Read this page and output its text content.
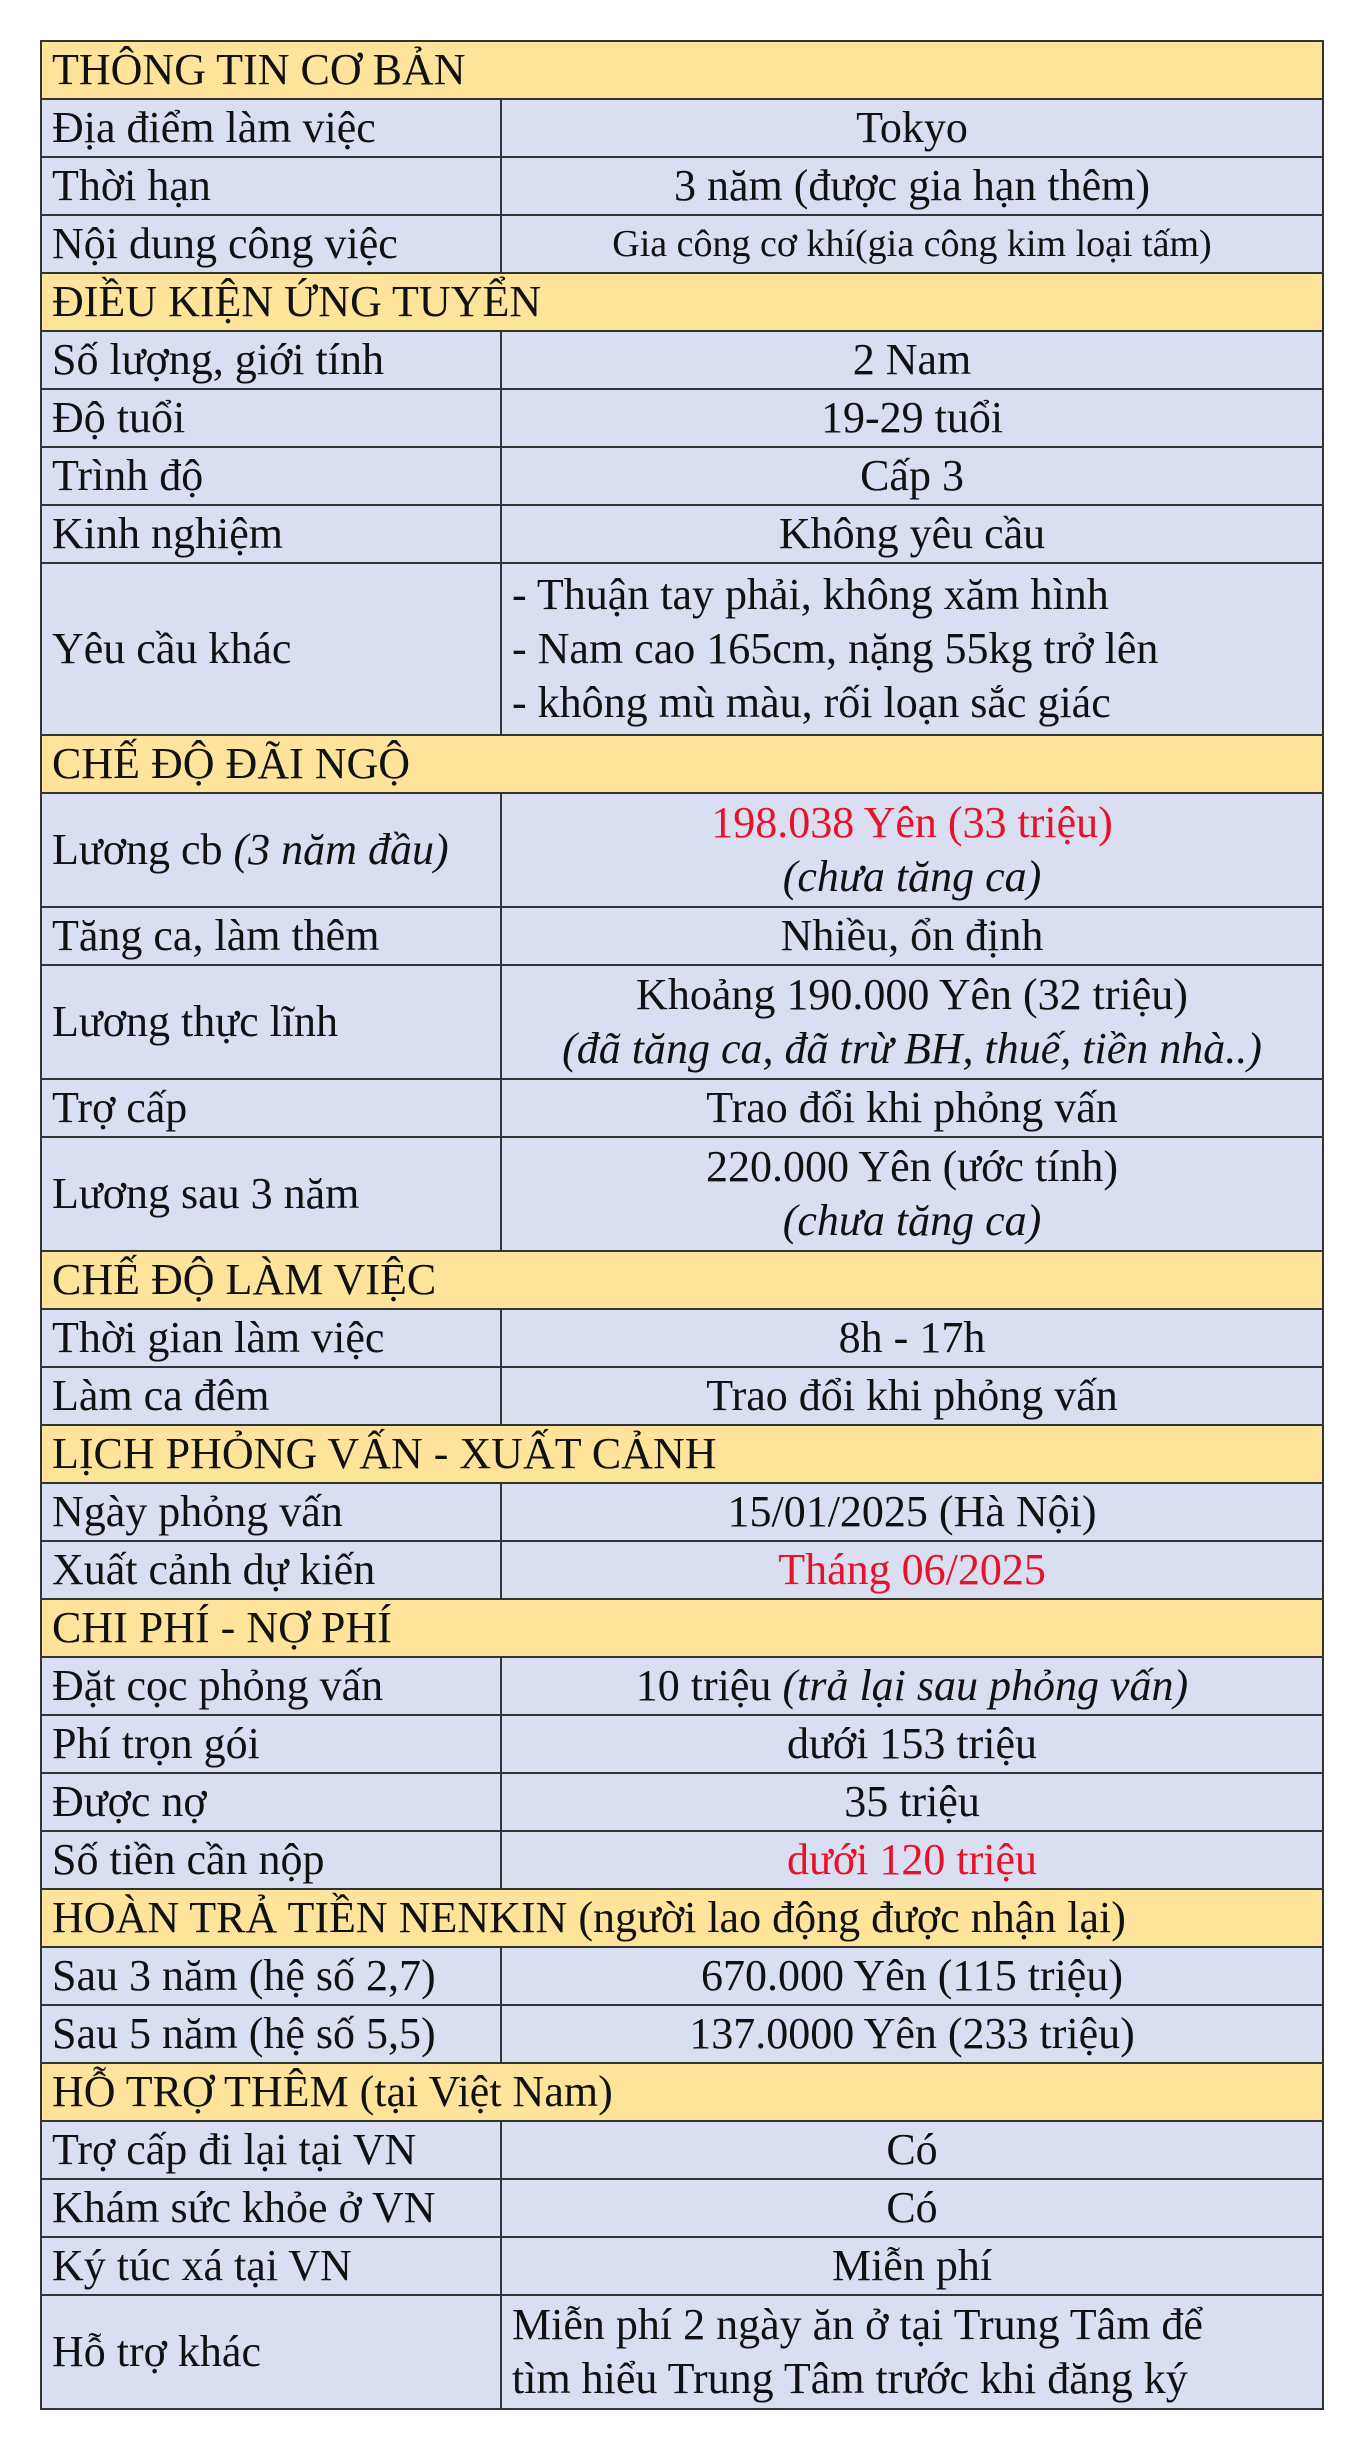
THÔNG TIN CƠ BẢN	
Địa điểm làm việc	Tokyo
Thời hạn	3 năm (được gia hạn thêm)
Nội dung công việc	Gia công cơ khí(gia công kim loại tấm)
ĐIỀU KIỆN ỨNG TUYỂN	
Số lượng, giới tính	2 Nam
Độ tuổi	19-29 tuổi
Trình độ	Cấp 3
Kinh nghiệm	Không yêu cầu
Yêu cầu khác	- Thuận tay phải, không xăm hình
- Nam cao 165cm, nặng 55kg trở lên
- không mù màu, rối loạn sắc giác

CHẾ ĐỘ ĐÃI NGỘ	
Lương cb (3 năm đầu)	198.038 Yên (33 triệu)
(chưa tăng ca)

Tăng ca, làm thêm	Nhiều, ổn định
Lương thực lĩnh	Khoảng 190.000 Yên (32 triệu)
(đã tăng ca, đã trừ BH, thuế, tiền nhà..)

Trợ cấp	Trao đổi khi phỏng vấn
Lương sau 3 năm	220.000 Yên (ước tính)
(chưa tăng ca)

CHẾ ĐỘ LÀM VIỆC	
Thời gian làm việc	8h - 17h
Làm ca đêm	Trao đổi khi phỏng vấn
LỊCH PHỎNG VẤN - XUẤT CẢNH	
Ngày phỏng vấn	15/01/2025 (Hà Nội)
Xuất cảnh dự kiến	Tháng 06/2025
CHI PHÍ - NỢ PHÍ	
Đặt cọc phỏng vấn	10 triệu (trả lại sau phỏng vấn)
Phí trọn gói	dưới 153 triệu
Được nợ	35 triệu
Số tiền cần nộp	dưới 120 triệu
HOÀN TRẢ TIỀN NENKIN (người lao động được nhận lại)	
Sau 3 năm (hệ số 2,7)	670.000 Yên (115 triệu)
Sau 5 năm (hệ số 5,5)	137.0000 Yên (233 triệu)
HỖ TRỢ THÊM (tại Việt Nam)	
Trợ cấp đi lại tại VN	Có
Khám sức khỏe ở VN	Có
Ký túc xá tại VN	Miễn phí
Hỗ trợ khác	Miễn phí 2 ngày ăn ở tại Trung Tâm để
tìm hiểu Trung Tâm trước khi đăng ký
